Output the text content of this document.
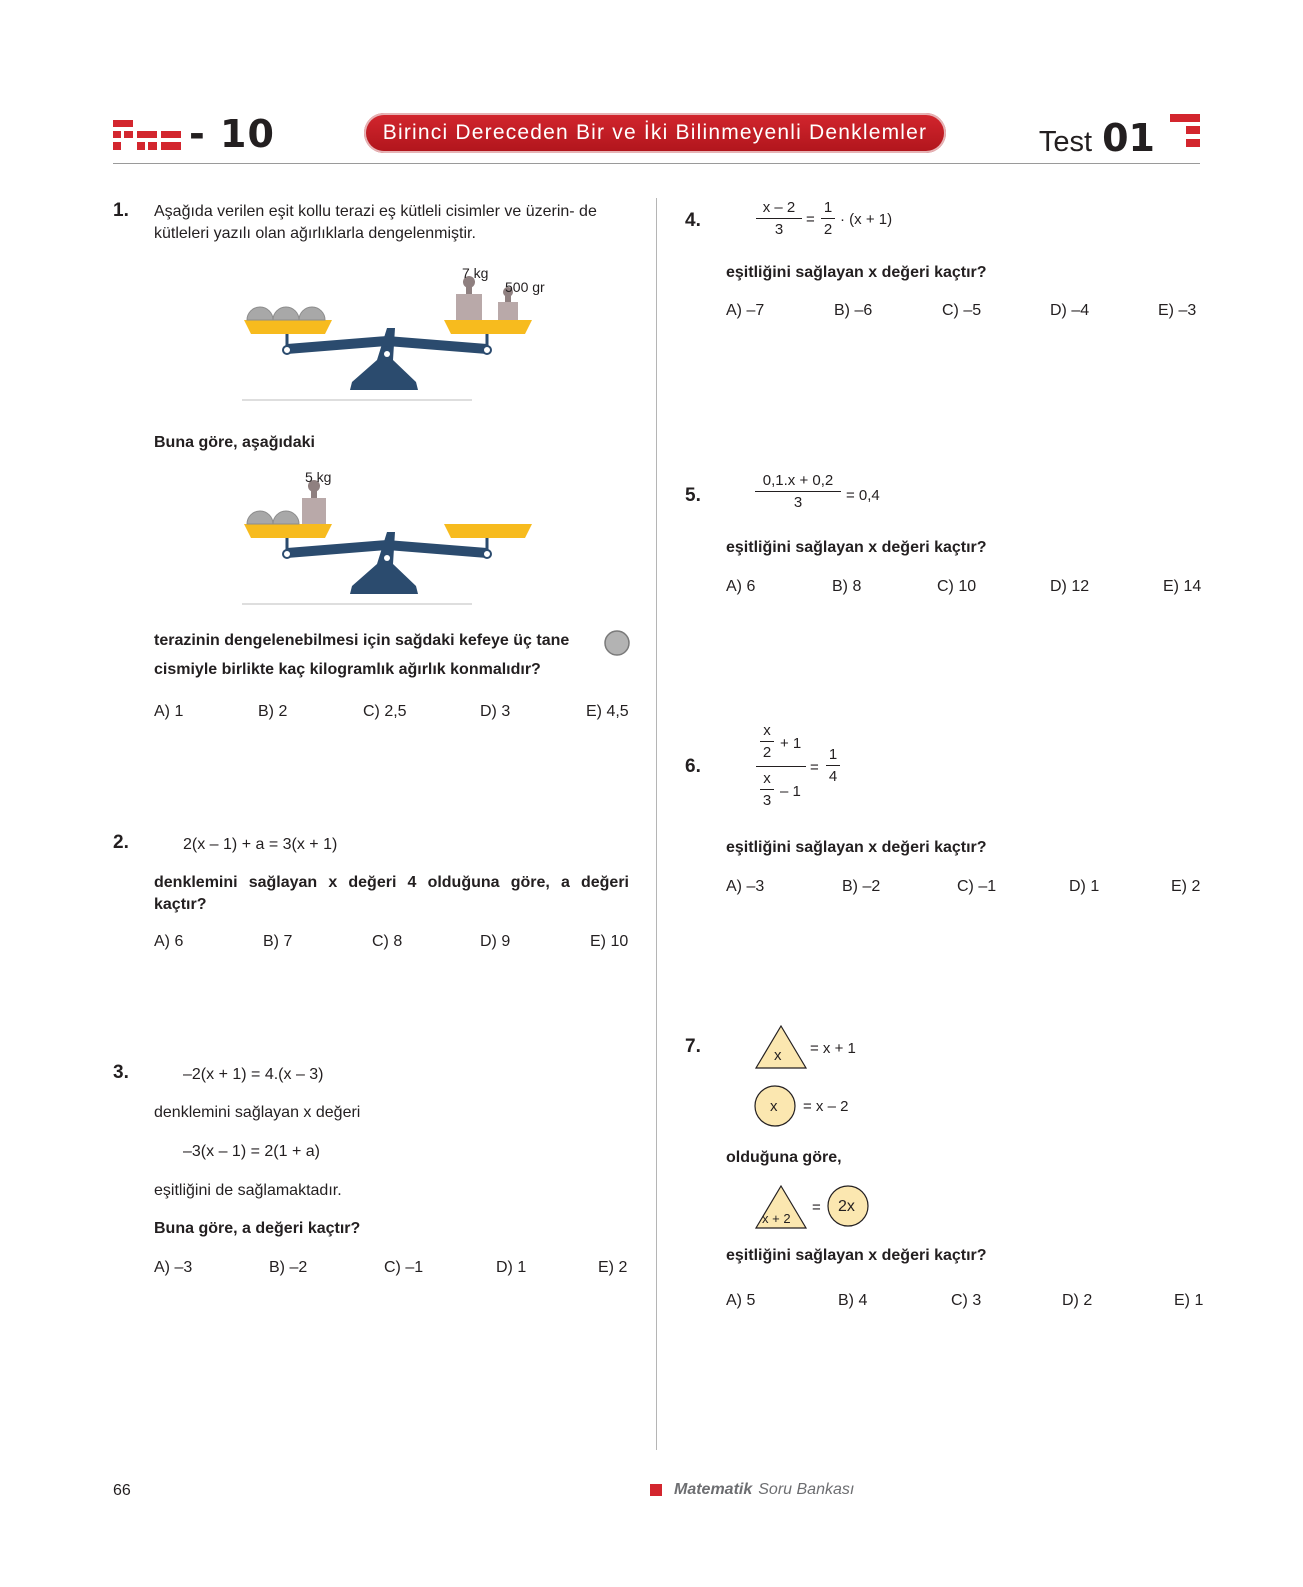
- 10	Birinci Dereceden Bir ve İki Bilinmeyenli Denklemler	Test 01
1. Aşağıda verilen eşit kollu terazi eş kütleli cisimler ve üzerin- de kütleleri yazılı olan ağırlıklarla dengelenmiştir.
7 kg
500 gr
Buna göre, aşağıdaki
5 kg
terazinin dengelenebilmesi için sağdaki kefeye üç tane
cismiyle birlikte kaç kilogramlık ağırlık konmalıdır?
A) 1	B) 2	C) 2,5	D) 3	E) 4,5
2.	2(x – 1) + a = 3(x + 1)
denklemini sağlayan x değeri 4 olduğuna göre, a değeri kaçtır?
A) 6	B) 7	C) 8	D) 9	E) 10
3.	–2(x + 1) = 4.(x – 3)
denklemini sağlayan x değeri
–3(x – 1) = 2(1 + a)
eşitliğini de sağlamaktadır.
Buna göre, a değeri kaçtır?
A) –3	B) –2	C) –1	D) 1	E) 2
4.
x – 2
3
=
1
2
· (x + 1)
eşitliğini sağlayan x değeri kaçtır?
A) –7	B) –6	C) –5	D) –4	E) –3
5.
0,1.x + 0,2
3	= 0,4
eşitliğini sağlayan x değeri kaçtır?
A) 6	B) 8	C) 10	D) 12	E) 14
6.
x
2
+ 1
x
3
– 1
=
1
4
eşitliğini sağlayan x değeri kaçtır?
A) –3	B) –2	C) –1	D) 1	E) 2
7.	x = x + 1
x = x – 2
olduğuna göre,
x + 2
= 2x
eşitliğini sağlayan x değeri kaçtır?
A) 5	B) 4	C) 3	D) 2	E) 1
66	Matematik Soru Bankası
